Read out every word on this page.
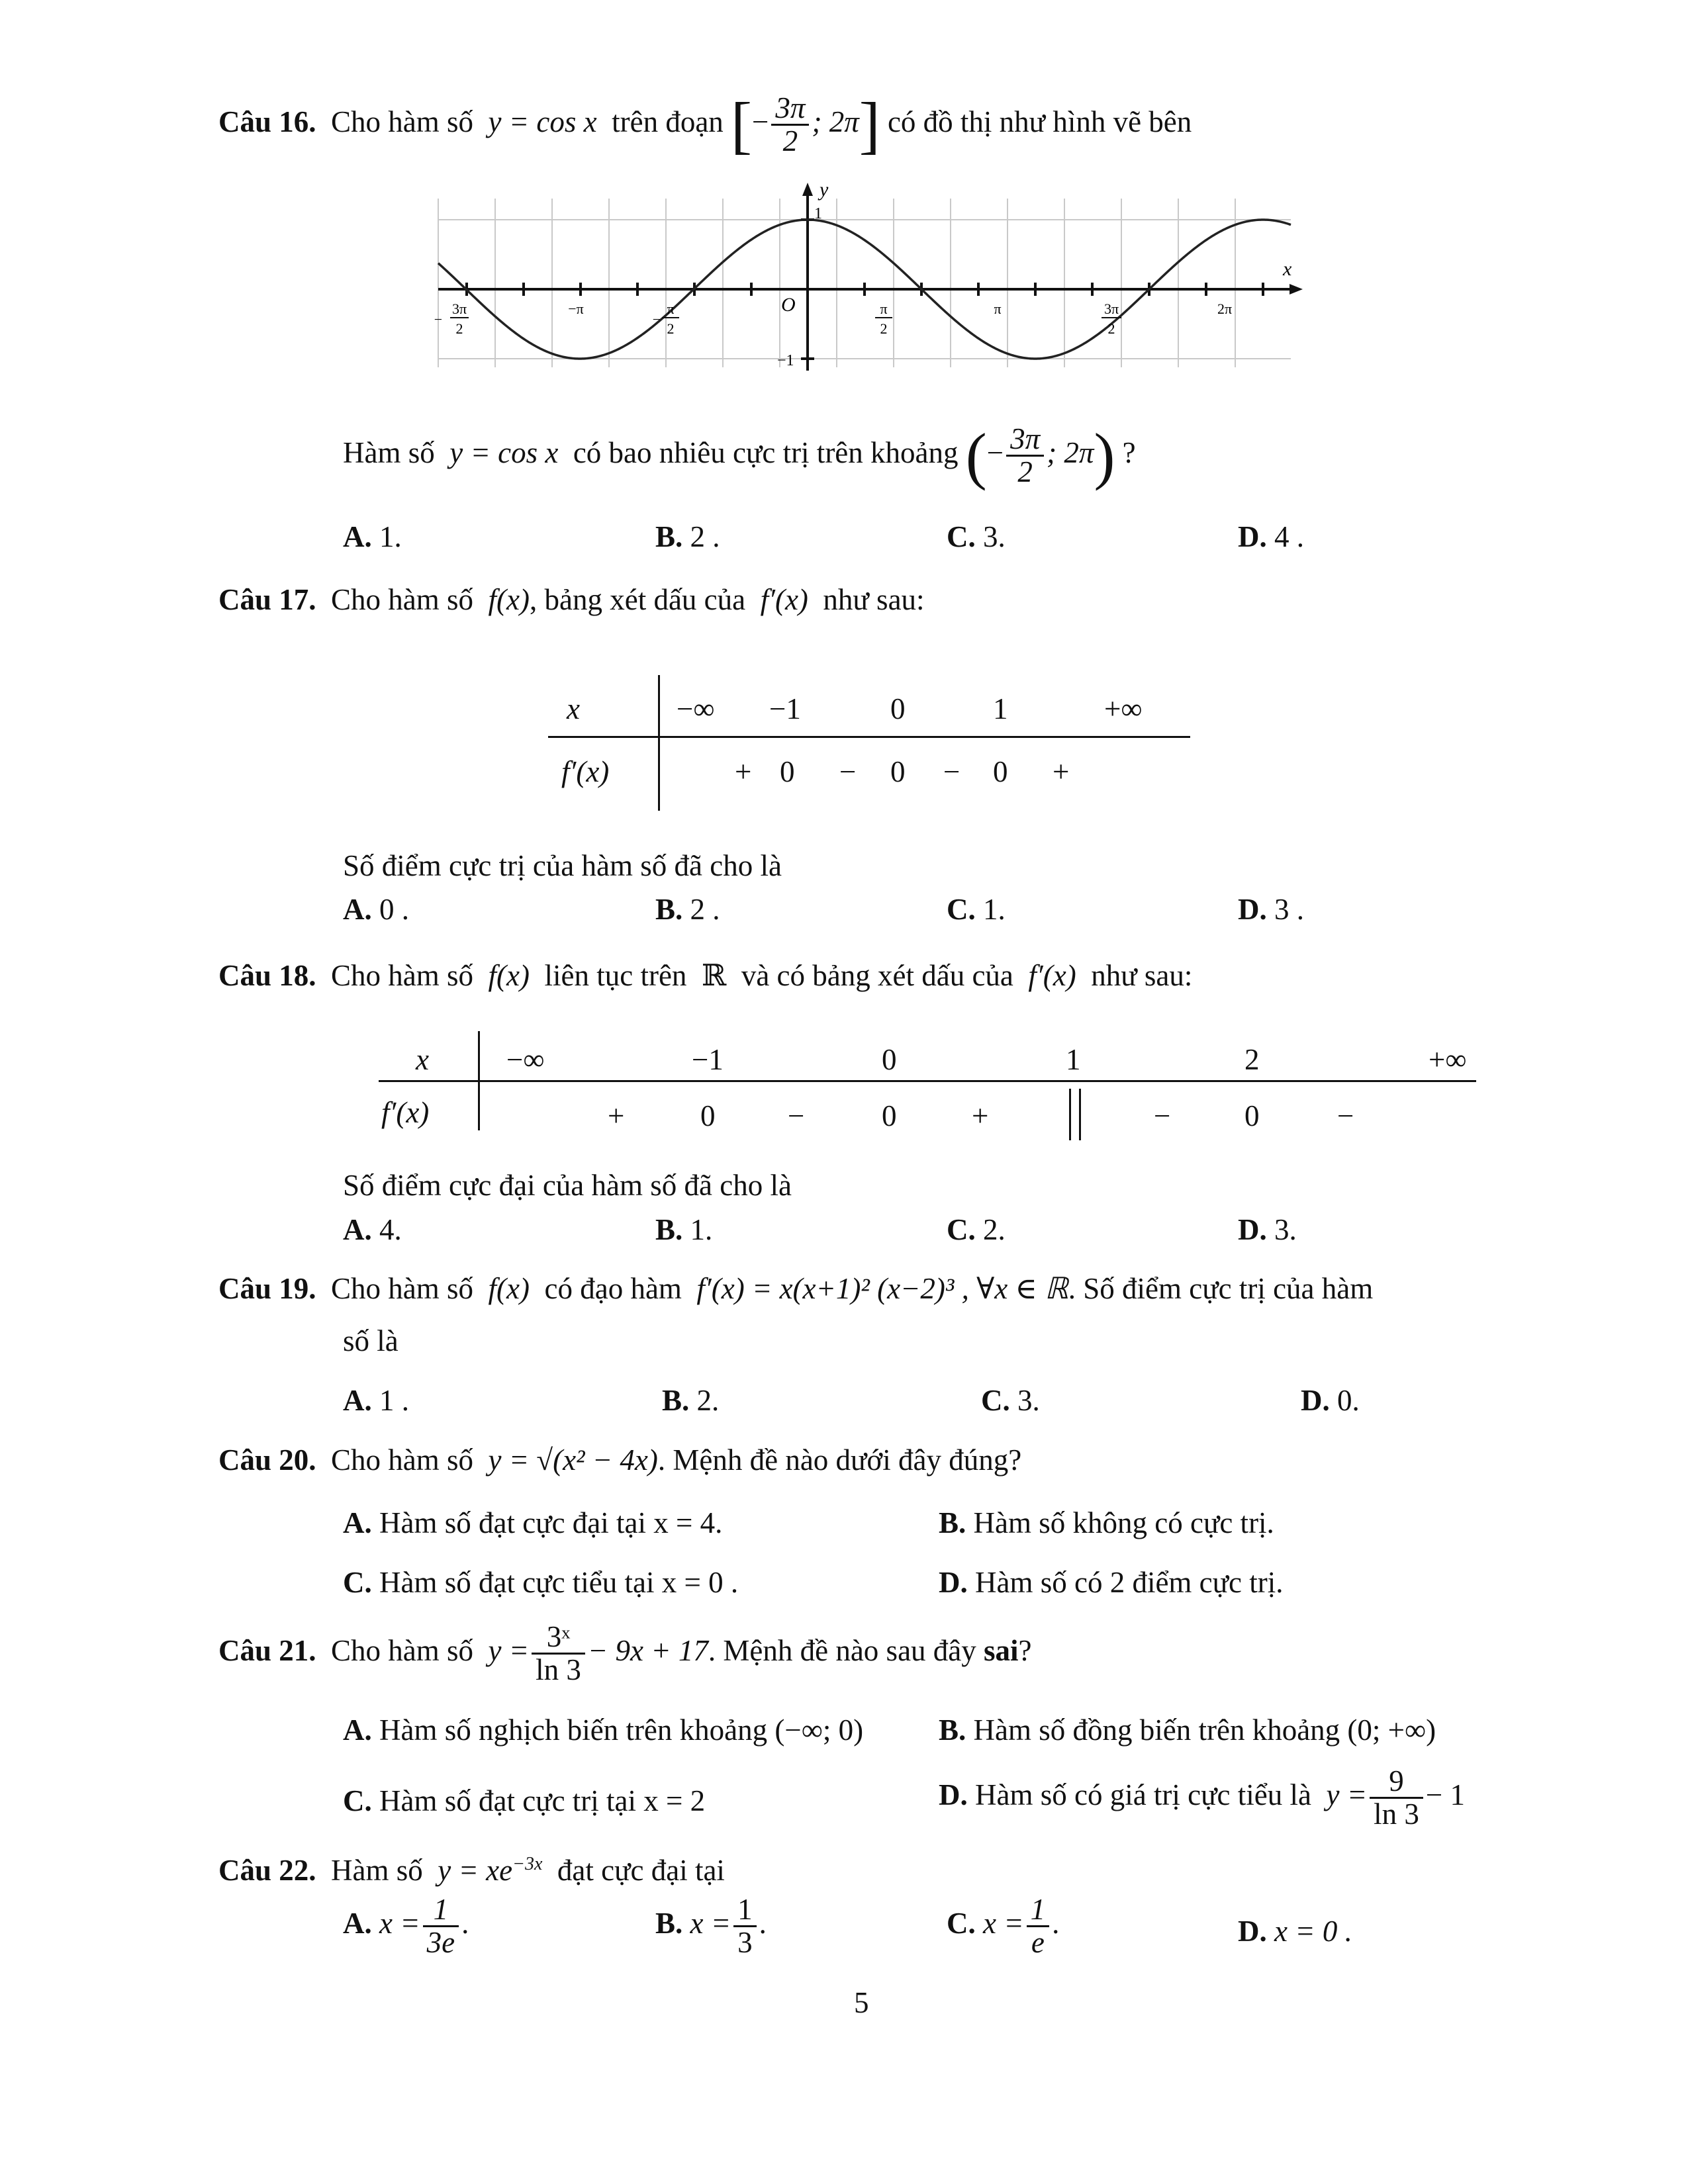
Câu 16. Cho hàm số y = cos x trên đoạn [− $\frac{3\pi}{2}$ ; 2π] có đồ thị như hình vẽ bên
y
x
O
1
−1
−
3π
2
−π
−
π
2
π
2
π	3π
2
2π
Hàm số y = cos x có bao nhiêu cực trị trên khoảng (− $\frac{3\pi}{2}$ ; 2π) ?
A. 1.	B. 2 .	C. 3.	D. 4 .
Câu 17. Cho hàm số f(x), bảng xét dấu của f′(x) như sau:
x	−∞ −1	0	1	+∞
f′(x)	+ 0 − 0 − 0 +
Số điểm cực trị của hàm số đã cho là
A. 0 .	B. 2 .	C. 1.	D. 3 .
Câu 18. Cho hàm số f(x) liên tục trên ℝ và có bảng xét dấu của f′(x) như sau:
x	−∞	−1	0	1	2	+∞
f′(x)	+	0 −	0	+	− 0	−
Số điểm cực đại của hàm số đã cho là
A. 4.	B. 1.	C. 2.	D. 3.
Câu 19. Cho hàm số f(x) có đạo hàm f′(x) = x(x+1)² (x−2)³ , ∀x ∈ ℝ. Số điểm cực trị của hàm
số là
A. 1 .	B. 2.	C. 3.	D. 0.
Câu 20. Cho hàm số y = √(x² − 4x). Mệnh đề nào dưới đây đúng?
A. Hàm số đạt cực đại tại x = 4.	B. Hàm số không có cực trị.
C. Hàm số đạt cực tiểu tại x = 0 .	D. Hàm số có 2 điểm cực trị.
Câu 21. Cho hàm số $y = \frac{\text{3ˣ}}{\ln 3} - 9x + 17$. Mệnh đề nào sau đây sai?
A. Hàm số nghịch biến trên khoảng (−∞; 0)	B. Hàm số đồng biến trên khoảng (0; +∞)
C. Hàm số đạt cực trị tại x = 2	D. Hàm số có giá trị cực tiểu là $y = \frac{9}{\ln 3} - 1$
Câu 22. Hàm số $y = xe^{-3x}$ đạt cực đại tại
A. $x = \frac{1}{3e}$ .	B. $x = \frac{1}{3}$ .	C. $x = \frac{1}{e}$ .	D. x = 0 .
5
